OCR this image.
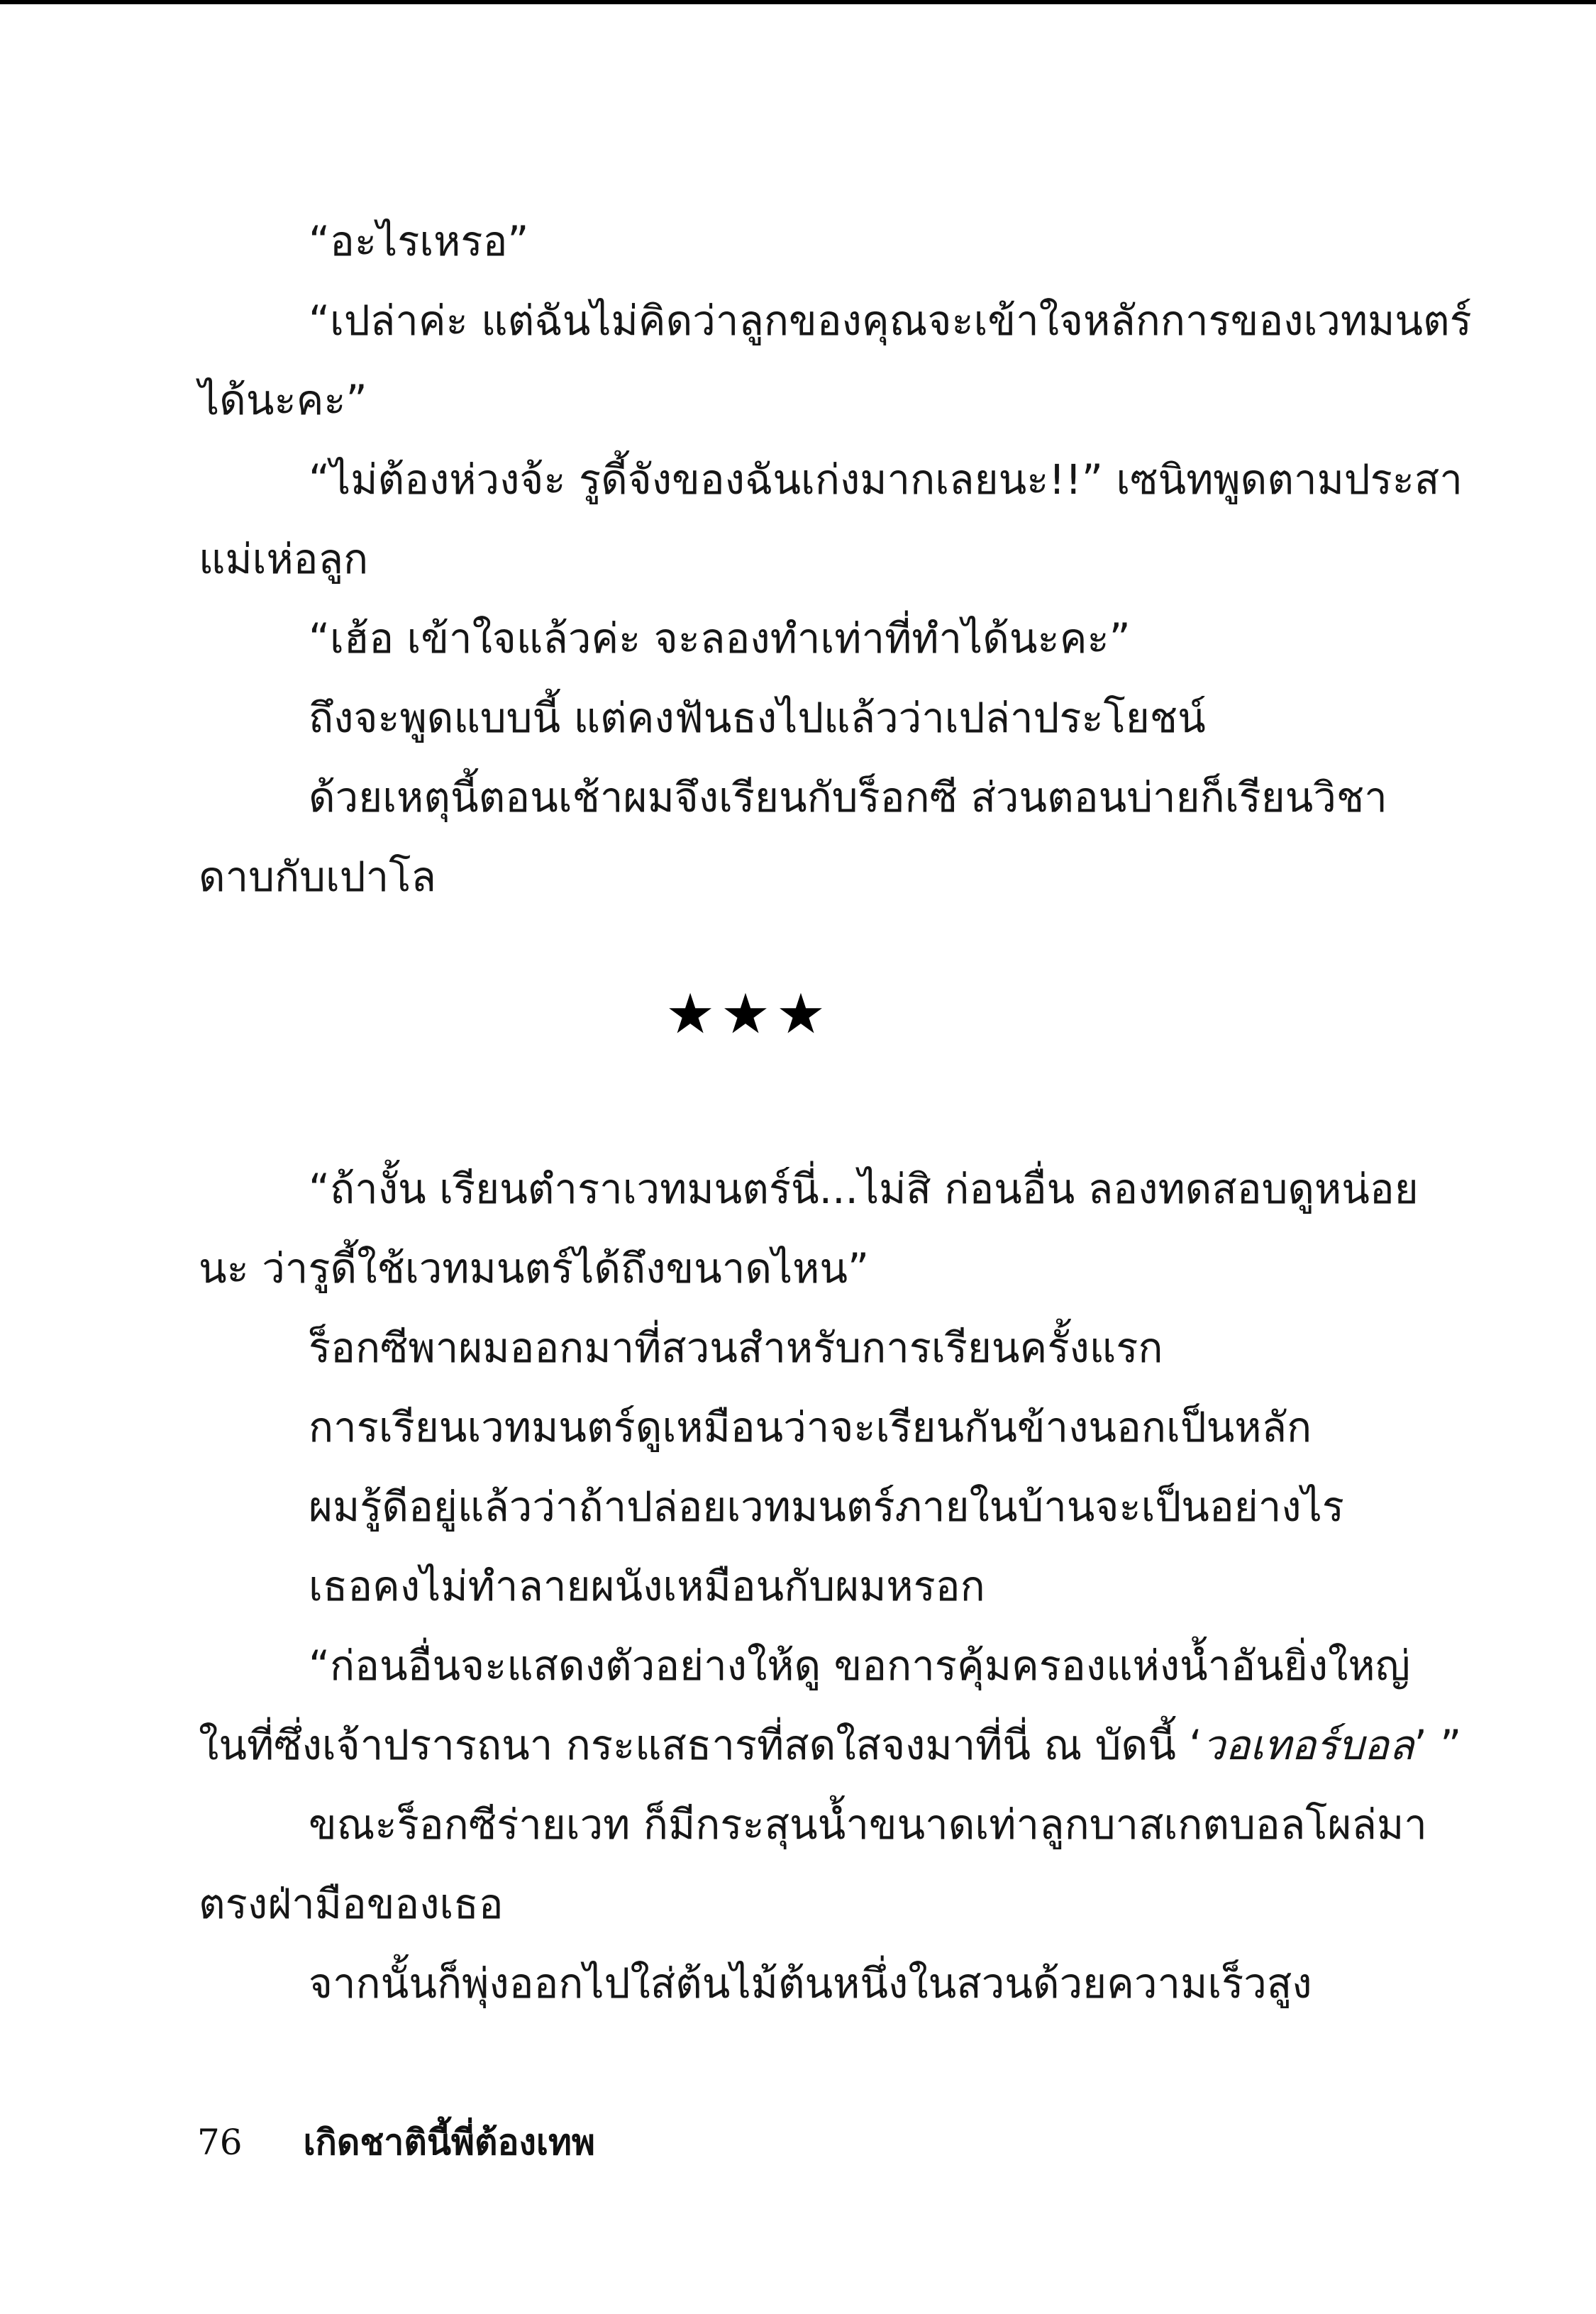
“อะไรเหรอ”
“เปล่าค่ะ แต่ฉันไม่คิดว่าลูกของคุณจะเข้าใจหลักการของเวทมนตร์
ได้นะคะ”
“ไม่ต้องห่วงจ้ะ รูดี้จังของฉันเก่งมากเลยนะ!!” เซนิทพูดตามประสา
แม่เห่อลูก
“เฮ้อ เข้าใจแล้วค่ะ จะลองทำเท่าที่ทำได้นะคะ”
ถึงจะพูดแบบนี้ แต่คงฟันธงไปแล้วว่าเปล่าประโยชน์
ด้วยเหตุนี้ตอนเช้าผมจึงเรียนกับร็อกซี ส่วนตอนบ่ายก็เรียนวิชา
ดาบกับเปาโล
★★★
“ถ้างั้น เรียนตำราเวทมนตร์นี่...ไม่สิ ก่อนอื่น ลองทดสอบดูหน่อย
นะ ว่ารูดี้ใช้เวทมนตร์ได้ถึงขนาดไหน”
ร็อกซีพาผมออกมาที่สวนสำหรับการเรียนครั้งแรก
การเรียนเวทมนตร์ดูเหมือนว่าจะเรียนกันข้างนอกเป็นหลัก
ผมรู้ดีอยู่แล้วว่าถ้าปล่อยเวทมนตร์ภายในบ้านจะเป็นอย่างไร
เธอคงไม่ทำลายผนังเหมือนกับผมหรอก
“ก่อนอื่นจะแสดงตัวอย่างให้ดู ขอการคุ้มครองแห่งน้ำอันยิ่งใหญ่
ในที่ซึ่งเจ้าปรารถนา กระแสธารที่สดใสจงมาที่นี่ ณ บัดนี้ ‘วอเทอร์บอล’ ”
ขณะร็อกซีร่ายเวท ก็มีกระสุนน้ำขนาดเท่าลูกบาสเกตบอลโผล่มา
ตรงฝ่ามือของเธอ
จากนั้นก็พุ่งออกไปใส่ต้นไม้ต้นหนึ่งในสวนด้วยความเร็วสูง
76 เกิดชาตินี้พี่ต้องเทพ
